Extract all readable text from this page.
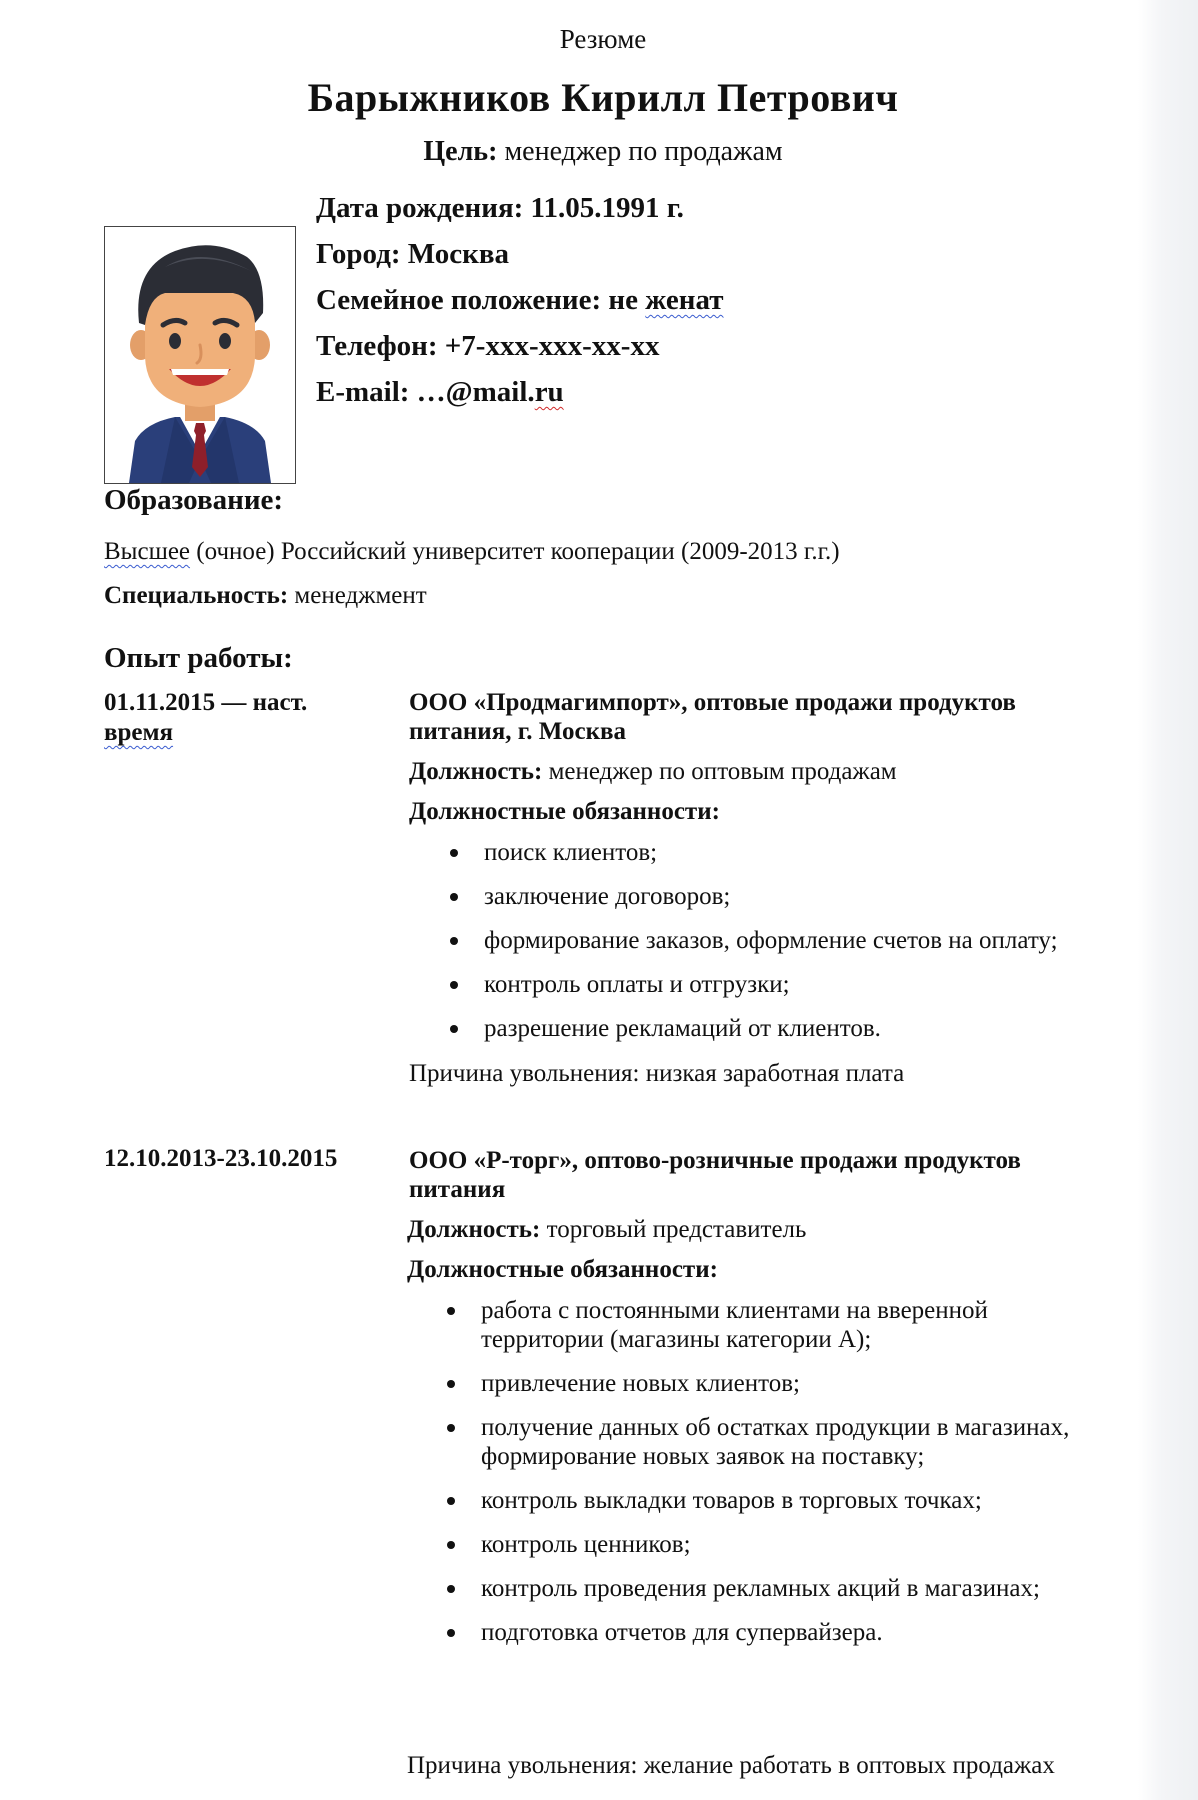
Резюме
Барыжников Кирилл Петрович
Цель: менеджер по продажам
Дата рождения: 11.05.1991 г.
Город: Москва
Семейное положение: не женат
Телефон: +7-xxx-xxx-xx-xx
E-mail: …@mail.ru
Образование:
Высшее (очное) Российский университет кооперации (2009-2013 г.г.)
Специальность: менеджмент
Опыт работы:
01.11.2015 — наст.
время
ООО «Продмагимпорт», оптовые продажи продуктов питания, г. Москва
Должность: менеджер по оптовым продажам
Должностные обязанности:
поиск клиентов;
заключение договоров;
формирование заказов, оформление счетов на оплату;
контроль оплаты и отгрузки;
разрешение рекламаций от клиентов.
Причина увольнения: низкая заработная плата
12.10.2013-23.10.2015	ООО «Р-торг», оптово-розничные продажи продуктов питания
Должность: торговый представитель
Должностные обязанности:
работа с постоянными клиентами на вверенной территории (магазины категории А);
привлечение новых клиентов;
получение данных об остатках продукции в магазинах, формирование новых заявок на поставку;
контроль выкладки товаров в торговых точках;
контроль ценников;
контроль проведения рекламных акций в магазинах;
подготовка отчетов для супервайзера.
Причина увольнения: желание работать в оптовых продажах
